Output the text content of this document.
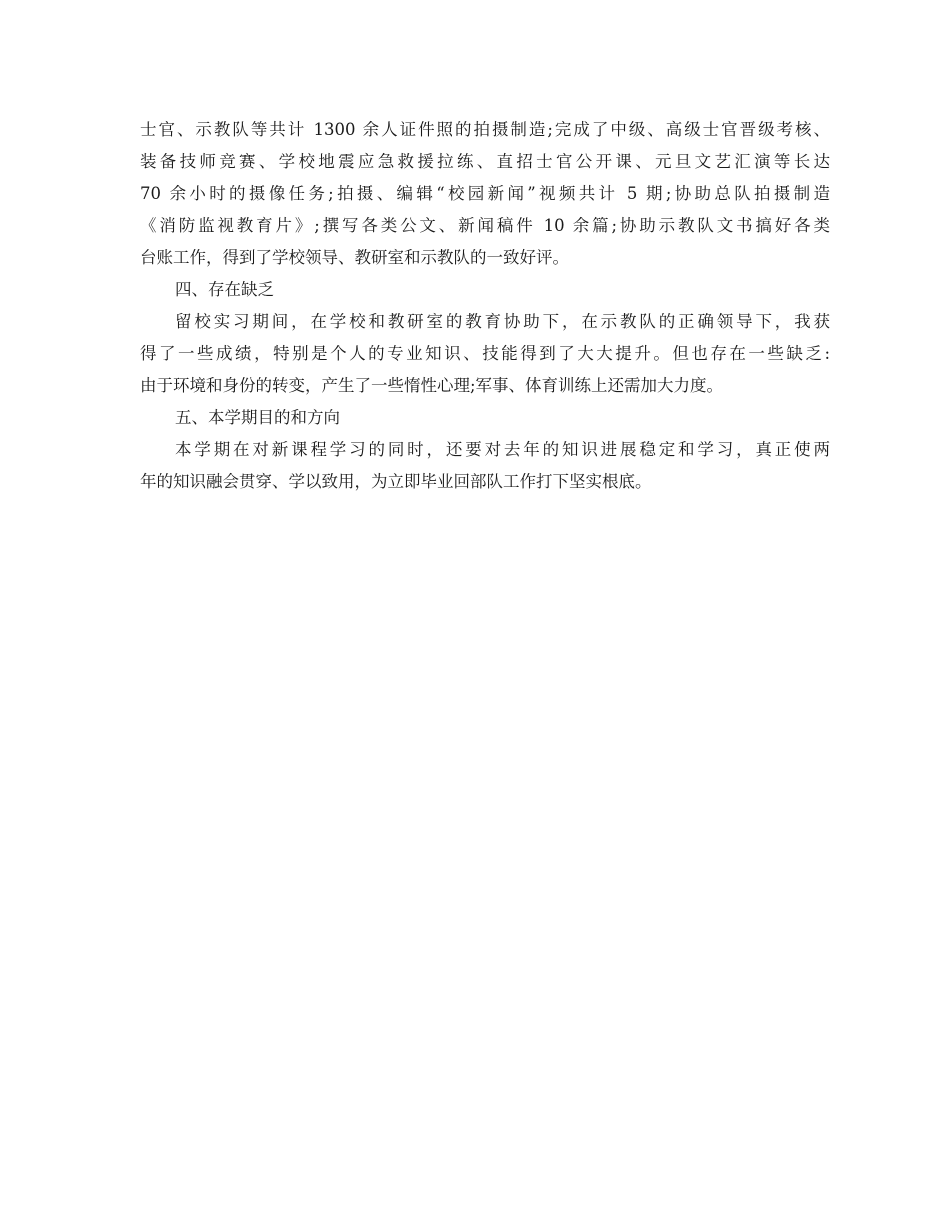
士官、示教队等共计 1300 余人证件照的拍摄制造;完成了中级、高级士官晋级考核、
装备技师竞赛、学校地震应急救援拉练、直招士官公开课、元旦文艺汇演等长达
70 余小时的摄像任务;拍摄、编辑“校园新闻”视频共计 5 期;协助总队拍摄制造
《消防监视教育片》;撰写各类公文、新闻稿件 10 余篇;协助示教队文书搞好各类
台账工作，得到了学校领导、教研室和示教队的一致好评。
四、存在缺乏
留校实习期间，在学校和教研室的教育协助下，在示教队的正确领导下，我获
得了一些成绩，特别是个人的专业知识、技能得到了大大提升。但也存在一些缺乏:
由于环境和身份的转变，产生了一些惰性心理;军事、体育训练上还需加大力度。
五、本学期目的和方向
本学期在对新课程学习的同时，还要对去年的知识进展稳定和学习，真正使两
年的知识融会贯穿、学以致用，为立即毕业回部队工作打下坚实根底。
